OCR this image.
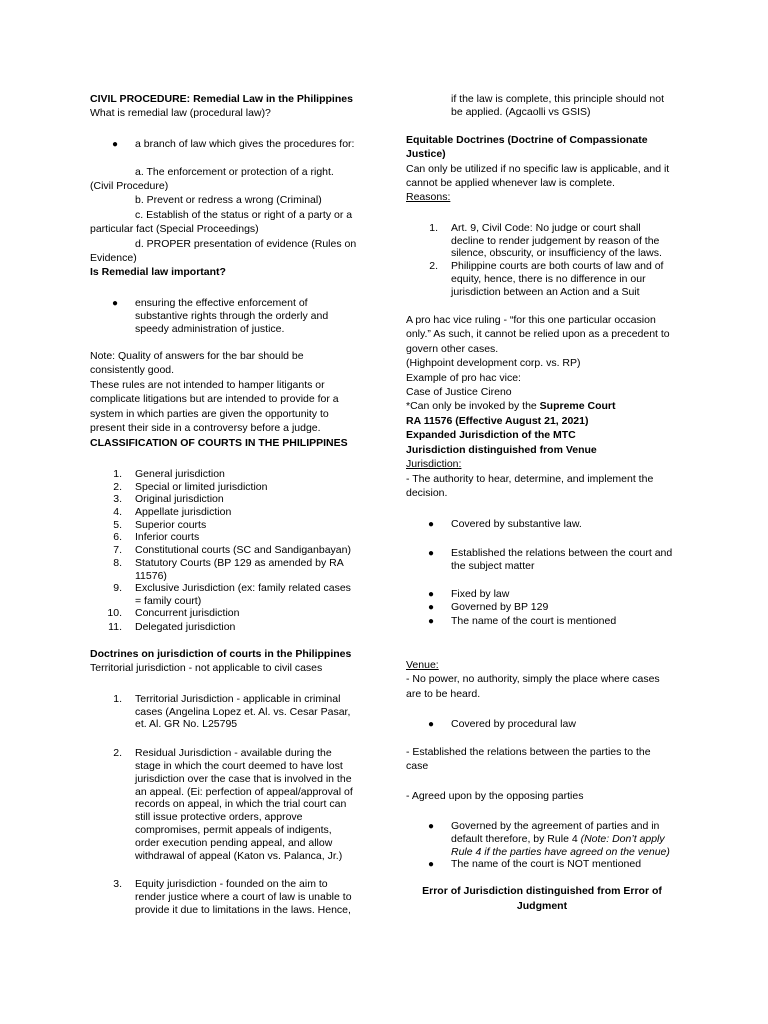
CIVIL PROCEDURE: Remedial Law in the Philippines
What is remedial law (procedural law)?
● a branch of law which gives the procedures for:
a. The enforcement or protection of a right.
(Civil Procedure)
b. Prevent or redress a wrong (Criminal)
c. Establish of the status or right of a party or a
particular fact (Special Proceedings)
d. PROPER presentation of evidence (Rules on
Evidence)
Is Remedial law important?
● ensuring the effective enforcement of
substantive rights through the orderly and
speedy administration of justice.
Note: Quality of answers for the bar should be
consistently good.
These rules are not intended to hamper litigants or
complicate litigations but are intended to provide for a
system in which parties are given the opportunity to
present their side in a controversy before a judge.
CLASSIFICATION OF COURTS IN THE PHILIPPINES
1. General jurisdiction
2. Special or limited jurisdiction
3. Original jurisdiction
4. Appellate jurisdiction
5. Superior courts
6. Inferior courts
7. Constitutional courts (SC and Sandiganbayan)
8. Statutory Courts (BP 129 as amended by RA
11576)
9. Exclusive Jurisdiction (ex: family related cases
= family court)
10. Concurrent jurisdiction
11. Delegated jurisdiction
Doctrines on jurisdiction of courts in the Philippines
Territorial jurisdiction - not applicable to civil cases
1. Territorial Jurisdiction - applicable in criminal
cases (Angelina Lopez et. Al. vs. Cesar Pasar,
et. Al. GR No. L25795
2. Residual Jurisdiction - available during the
stage in which the court deemed to have lost
jurisdiction over the case that is involved in the
an appeal. (Ei: perfection of appeal/approval of
records on appeal, in which the trial court can
still issue protective orders, approve
compromises, permit appeals of indigents,
order execution pending appeal, and allow
withdrawal of appeal (Katon vs. Palanca, Jr.)
3. Equity jurisdiction - founded on the aim to
render justice where a court of law is unable to
provide it due to limitations in the laws. Hence,
if the law is complete, this principle should not
be applied. (Agcaolli vs GSIS)
Equitable Doctrines (Doctrine of Compassionate
Justice)
Can only be utilized if no specific law is applicable, and it
cannot be applied whenever law is complete.
Reasons:
1. Art. 9, Civil Code: No judge or court shall
decline to render judgement by reason of the
silence, obscurity, or insufficiency of the laws.
2. Philippine courts are both courts of law and of
equity, hence, there is no difference in our
jurisdiction between an Action and a Suit
A pro hac vice ruling - “for this one particular occasion
only.” As such, it cannot be relied upon as a precedent to
govern other cases.
(Highpoint development corp. vs. RP)
Example of pro hac vice:
Case of Justice Cireno
*Can only be invoked by the Supreme Court
RA 11576 (Effective August 21, 2021)
Expanded Jurisdiction of the MTC
Jurisdiction distinguished from Venue
Jurisdiction:
- The authority to hear, determine, and implement the
decision.
● Covered by substantive law.
● Established the relations between the court and
the subject matter
● Fixed by law
● Governed by BP 129
● The name of the court is mentioned
Venue:
- No power, no authority, simply the place where cases
are to be heard.
● Covered by procedural law
- Established the relations between the parties to the
case
- Agreed upon by the opposing parties
● Governed by the agreement of parties and in
default therefore, by Rule 4 (Note: Don’t apply
Rule 4 if the parties have agreed on the venue)
● The name of the court is NOT mentioned
Error of Jurisdiction distinguished from Error of
Judgment
